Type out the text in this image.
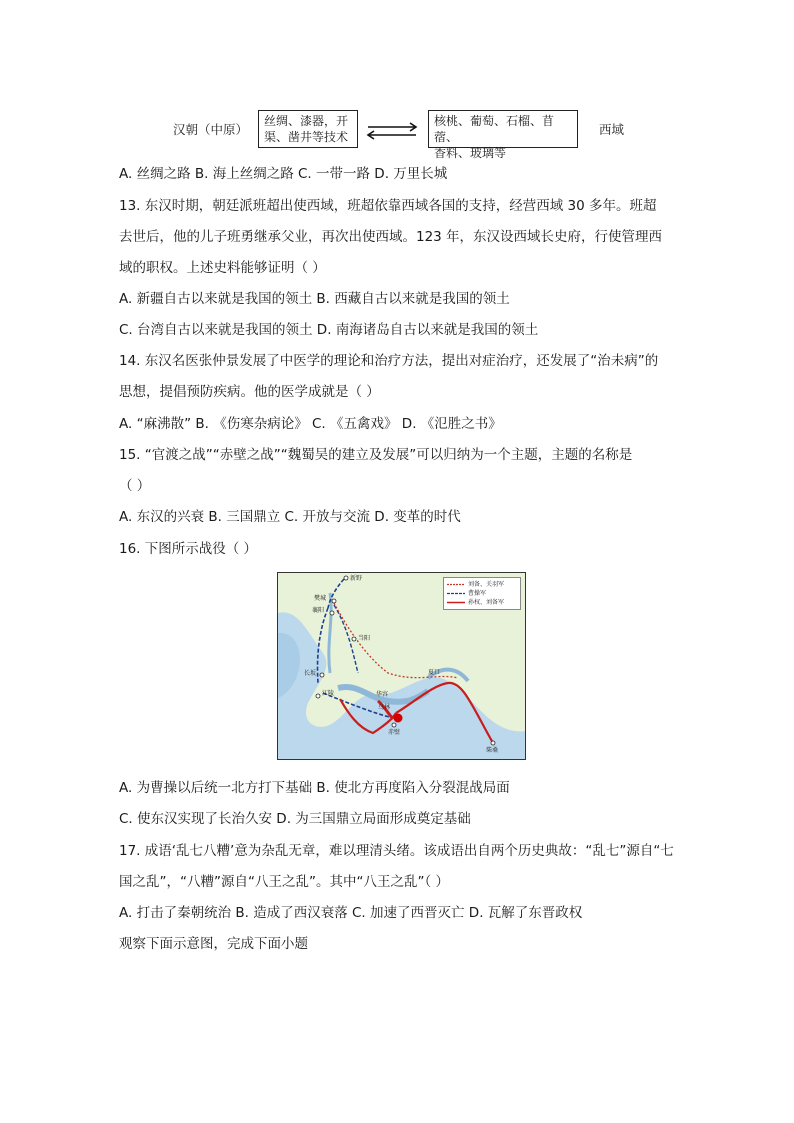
汉朝（中原）
丝绸、漆器，开
渠、凿井等技术
核桃、葡萄、石榴、苜蓿、
香料、玻璃等
西域
A. 丝绸之路 B. 海上丝绸之路 C. 一带一路 D. 万里长城
13. 东汉时期，朝廷派班超出使西域，班超依靠西域各国的支持，经营西域 30 多年。班超
去世后，他的儿子班勇继承父业，再次出使西域。123 年，东汉设西域长史府，行使管理西
域的职权。上述史料能够证明（ ）
A. 新疆自古以来就是我国的领土 B. 西藏自古以来就是我国的领土
C. 台湾自古以来就是我国的领土 D. 南海诸岛自古以来就是我国的领土
14. 东汉名医张仲景发展了中医学的理论和治疗方法，提出对症治疗，还发展了“治未病”的
思想，提倡预防疾病。他的医学成就是（ ）
A. “麻沸散” B. 《伤寒杂病论》 C. 《五禽戏》 D. 《氾胜之书》
15. “官渡之战”“赤壁之战”“魏蜀吴的建立及发展”可以归纳为一个主题，主题的名称是
（ ）
A. 东汉的兴衰 B. 三国鼎立 C. 开放与交流 D. 变革的时代
16. 下图所示战役（ ）
刘备、关羽军
曹操军
孙权、刘备军
新野
樊城
襄阳
当阳
长坂
江陵	华容
乌林
赤壁
夏口
柴桑
A. 为曹操以后统一北方打下基础 B. 使北方再度陷入分裂混战局面
C. 使东汉实现了长治久安 D. 为三国鼎立局面形成奠定基础
17. 成语‘乱七八糟’意为杂乱无章，难以理清头绪。该成语出自两个历史典故：“乱七”源自“七
国之乱”，“八糟”源自“八王之乱”。其中“八王之乱”（ ）
A. 打击了秦朝统治 B. 造成了西汉衰落 C. 加速了西晋灭亡 D. 瓦解了东晋政权
观察下面示意图，完成下面小题
